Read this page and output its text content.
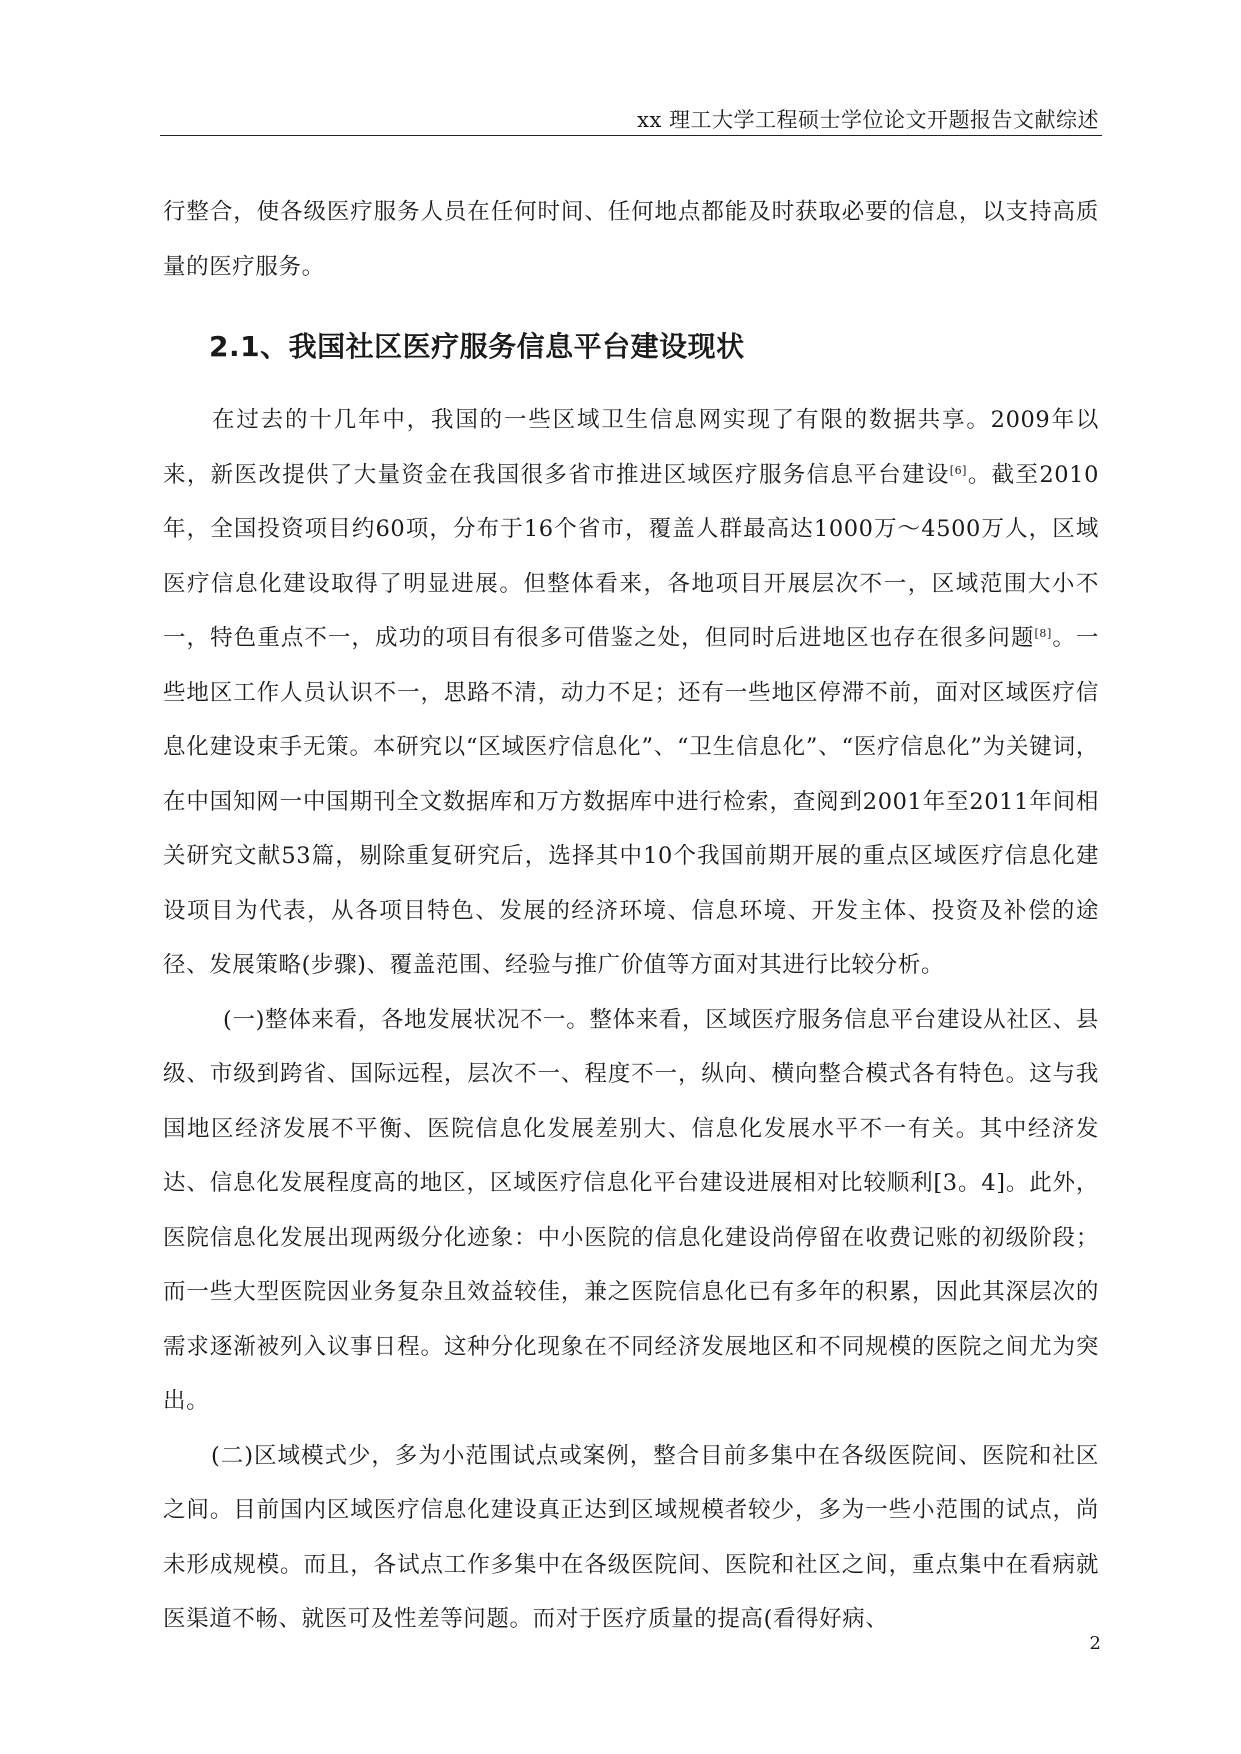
xx 理工大学工程硕士学位论文开题报告文献综述

行整合，使各级医疗服务人员在任何时间、任何地点都能及时获取必要的信息，以支持高质量的医疗服务。

2.1、我国社区医疗服务信息平台建设现状

在过去的十几年中，我国的一些区域卫生信息网实现了有限的数据共享。2009年以来，新医改提供了大量资金在我国很多省市推进区域医疗服务信息平台建设[6]。截至2010年，全国投资项目约60项，分布于16个省市，覆盖人群最高达1000万～4500万人，区域医疗信息化建设取得了明显进展。但整体看来，各地项目开展层次不一，区域范围大小不一，特色重点不一，成功的项目有很多可借鉴之处，但同时后进地区也存在很多问题[8]。一些地区工作人员认识不一，思路不清，动力不足；还有一些地区停滞不前，面对区域医疗信息化建设束手无策。本研究以“区域医疗信息化”、“卫生信息化”、“医疗信息化”为关键词，在中国知网一中国期刊全文数据库和万方数据库中进行检索，查阅到2001年至2011年间相关研究文献53篇，剔除重复研究后，选择其中10个我国前期开展的重点区域医疗信息化建设项目为代表，从各项目特色、发展的经济环境、信息环境、开发主体、投资及补偿的途径、发展策略(步骤)、覆盖范围、经验与推广价值等方面对其进行比较分析。

(一)整体来看，各地发展状况不一。整体来看，区域医疗服务信息平台建设从社区、县级、市级到跨省、国际远程，层次不一、程度不一，纵向、横向整合模式各有特色。这与我国地区经济发展不平衡、医院信息化发展差别大、信息化发展水平不一有关。其中经济发达、信息化发展程度高的地区，区域医疗信息化平台建设进展相对比较顺利[3。4]。此外，医院信息化发展出现两级分化迹象：中小医院的信息化建设尚停留在收费记账的初级阶段；而一些大型医院因业务复杂且效益较佳，兼之医院信息化已有多年的积累，因此其深层次的需求逐渐被列入议事日程。这种分化现象在不同经济发展地区和不同规模的医院之间尤为突出。

(二)区域模式少，多为小范围试点或案例，整合目前多集中在各级医院间、医院和社区之间。目前国内区域医疗信息化建设真正达到区域规模者较少，多为一些小范围的试点，尚未形成规模。而且，各试点工作多集中在各级医院间、医院和社区之间，重点集中在看病就医渠道不畅、就医可及性差等问题。而对于医疗质量的提高(看得好病、

2
